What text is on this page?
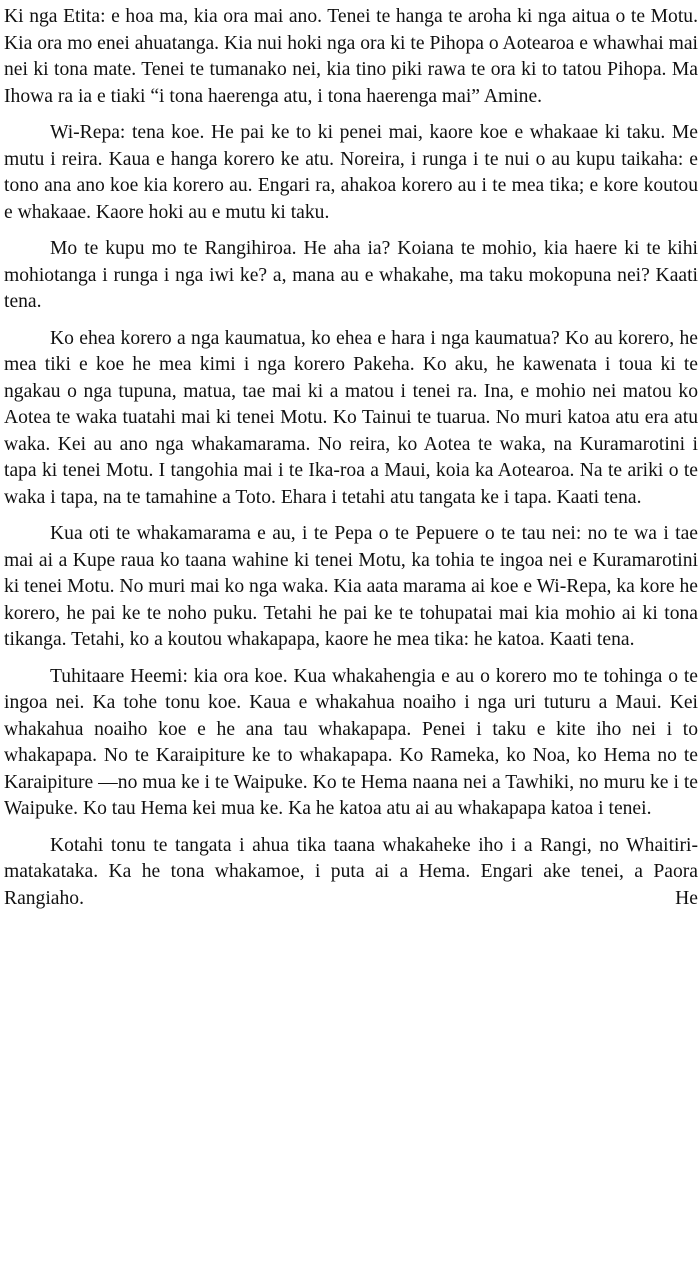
Ki nga Etita: e hoa ma, kia ora mai ano. Tenei te hanga te aroha ki nga aitua o te Motu. Kia ora mo enei ahuatanga. Kia nui hoki nga ora ki te Pihopa o Aotearoa e whawhai mai nei ki tona mate. Tenei te tumanako nei, kia tino piki rawa te ora ki to tatou Pihopa. Ma Ihowa ra ia e tiaki “i tona haerenga atu, i tona haerenga mai” Amine.

Wi-Repa: tena koe. He pai ke to ki penei mai, kaore koe e whakaae ki taku. Me mutu i reira. Kaua e hanga korero ke atu. Noreira, i runga i te nui o au kupu taikaha: e tono ana ano koe kia korero au. Engari ra, ahakoa korero au i te mea tika; e kore koutou e whakaae. Kaore hoki au e mutu ki taku.

Mo te kupu mo te Rangihiroa. He aha ia? Koiana te mohio, kia haere ki te kihi mohiotanga i runga i nga iwi ke? a, mana au e whakahe, ma taku mokopuna nei? Kaati tena.

Ko ehea korero a nga kaumatua, ko ehea e hara i nga kaumatua? Ko au korero, he mea tiki e koe he mea kimi i nga korero Pakeha. Ko aku, he kawenata i toua ki te ngakau o nga tupuna, matua, tae mai ki a matou i tenei ra. Ina, e mohio nei matou ko Aotea te waka tuatahi mai ki tenei Motu. Ko Tainui te tuarua. No muri katoa atu era atu waka. Kei au ano nga whakamarama. No reira, ko Aotea te waka, na Kuramarotini i tapa ki tenei Motu. I tangohia mai i te Ika-roa a Maui, koia ka Aotearoa. Na te ariki o te waka i tapa, na te tamahine a Toto. Ehara i tetahi atu tangata ke i tapa. Kaati tena.

Kua oti te whakamarama e au, i te Pepa o te Pepuere o te tau nei: no te wa i tae mai ai a Kupe raua ko taana wahine ki tenei Motu, ka tohia te ingoa nei e Kuramarotini ki tenei Motu. No muri mai ko nga waka. Kia aata marama ai koe e Wi-Repa, ka kore he korero, he pai ke te noho puku. Tetahi he pai ke te tohupatai mai kia mohio ai ki tona tikanga. Tetahi, ko a koutou whakapapa, kaore he mea tika: he katoa. Kaati tena.

Tuhitaare Heemi: kia ora koe. Kua whakahengia e au o korero mo te tohinga o te ingoa nei. Ka tohe tonu koe. Kaua e whakahua noaiho i nga uri tuturu a Maui. Kei whakahua noaiho koe e he ana tau whakapapa. Penei i taku e kite iho nei i to whakapapa. No te Karaipiture ke to whakapapa. Ko Rameka, ko Noa, ko Hema no te Karaipiture —no mua ke i te Waipuke. Ko te Hema naana nei a Tawhiki, no muru ke i te Waipuke. Ko tau Hema kei mua ke. Ka he katoa atu ai au whakapapa katoa i tenei.

Kotahi tonu te tangata i ahua tika taana whakaheke iho i a Rangi, no Whaitiri-matakataka. Ka he tona whakamoe, i puta ai a Hema. Engari ake tenei, a Paora Rangiaho. He
